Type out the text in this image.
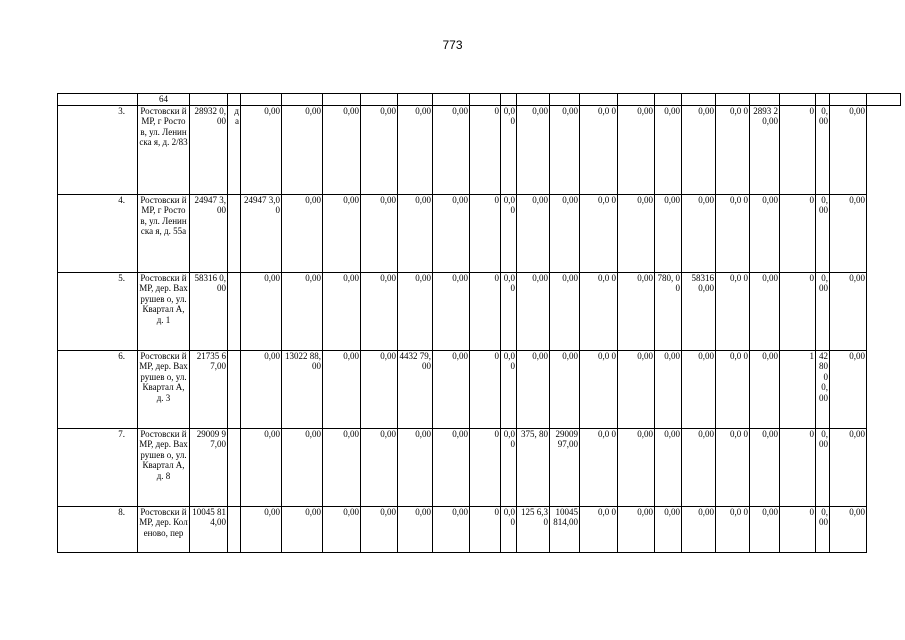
773
	64																						
3.	Ростовски й МР, г Ростов, ул. Ленинска я, д. 2/83	28932 0,00	д а	0,00	0,00	0,00	0,00	0,00	0,00	0	0,00	0,00	0,00	0,0 0	0,00	0,00	0,00	0,0 0	2893 20,00	0	0,00	0,00	
4.	Ростовски й МР, г Ростов, ул. Ленинска я, д. 55а	24947 3,00		24947 3,00	0,00	0,00	0,00	0,00	0,00	0	0,00	0,00	0,00	0,0 0	0,00	0,00	0,00	0,0 0	0,00	0	0,00	0,00	
5.	Ростовски й МР, дер. Вахрушев о, ул. Квартал А, д. 1	58316 0,00		0,00	0,00	0,00	0,00	0,00	0,00	0	0,00	0,00	0,00	0,0 0	0,00	780, 00	58316 0,00	0,0 0	0,00	0	0,00	0,00	
6.	Ростовски й МР, дер. Вахрушев о, ул. Квартал А, д. 3	21735 67,00		0,00	13022 88,00	0,00	0,00	4432 79,00	0,00	0	0,00	0,00	0,00	0,0 0	0,00	0,00	0,00	0,0 0	0,00	1	4280 00,00	0,00	
7.	Ростовски й МР, дер. Вахрушев о, ул. Квартал А, д. 8	29009 97,00		0,00	0,00	0,00	0,00	0,00	0,00	0	0,00	375, 80	29009 97,00	0,0 0	0,00	0,00	0,00	0,0 0	0,00	0	0,00	0,00	
8.	Ростовски й МР, дер. Коленово, пер	10045 814,00		0,00	0,00	0,00	0,00	0,00	0,00	0	0,00	125 6,30	10045 814,00	0,0 0	0,00	0,00	0,00	0,0 0	0,00	0	0,00	0,00	
